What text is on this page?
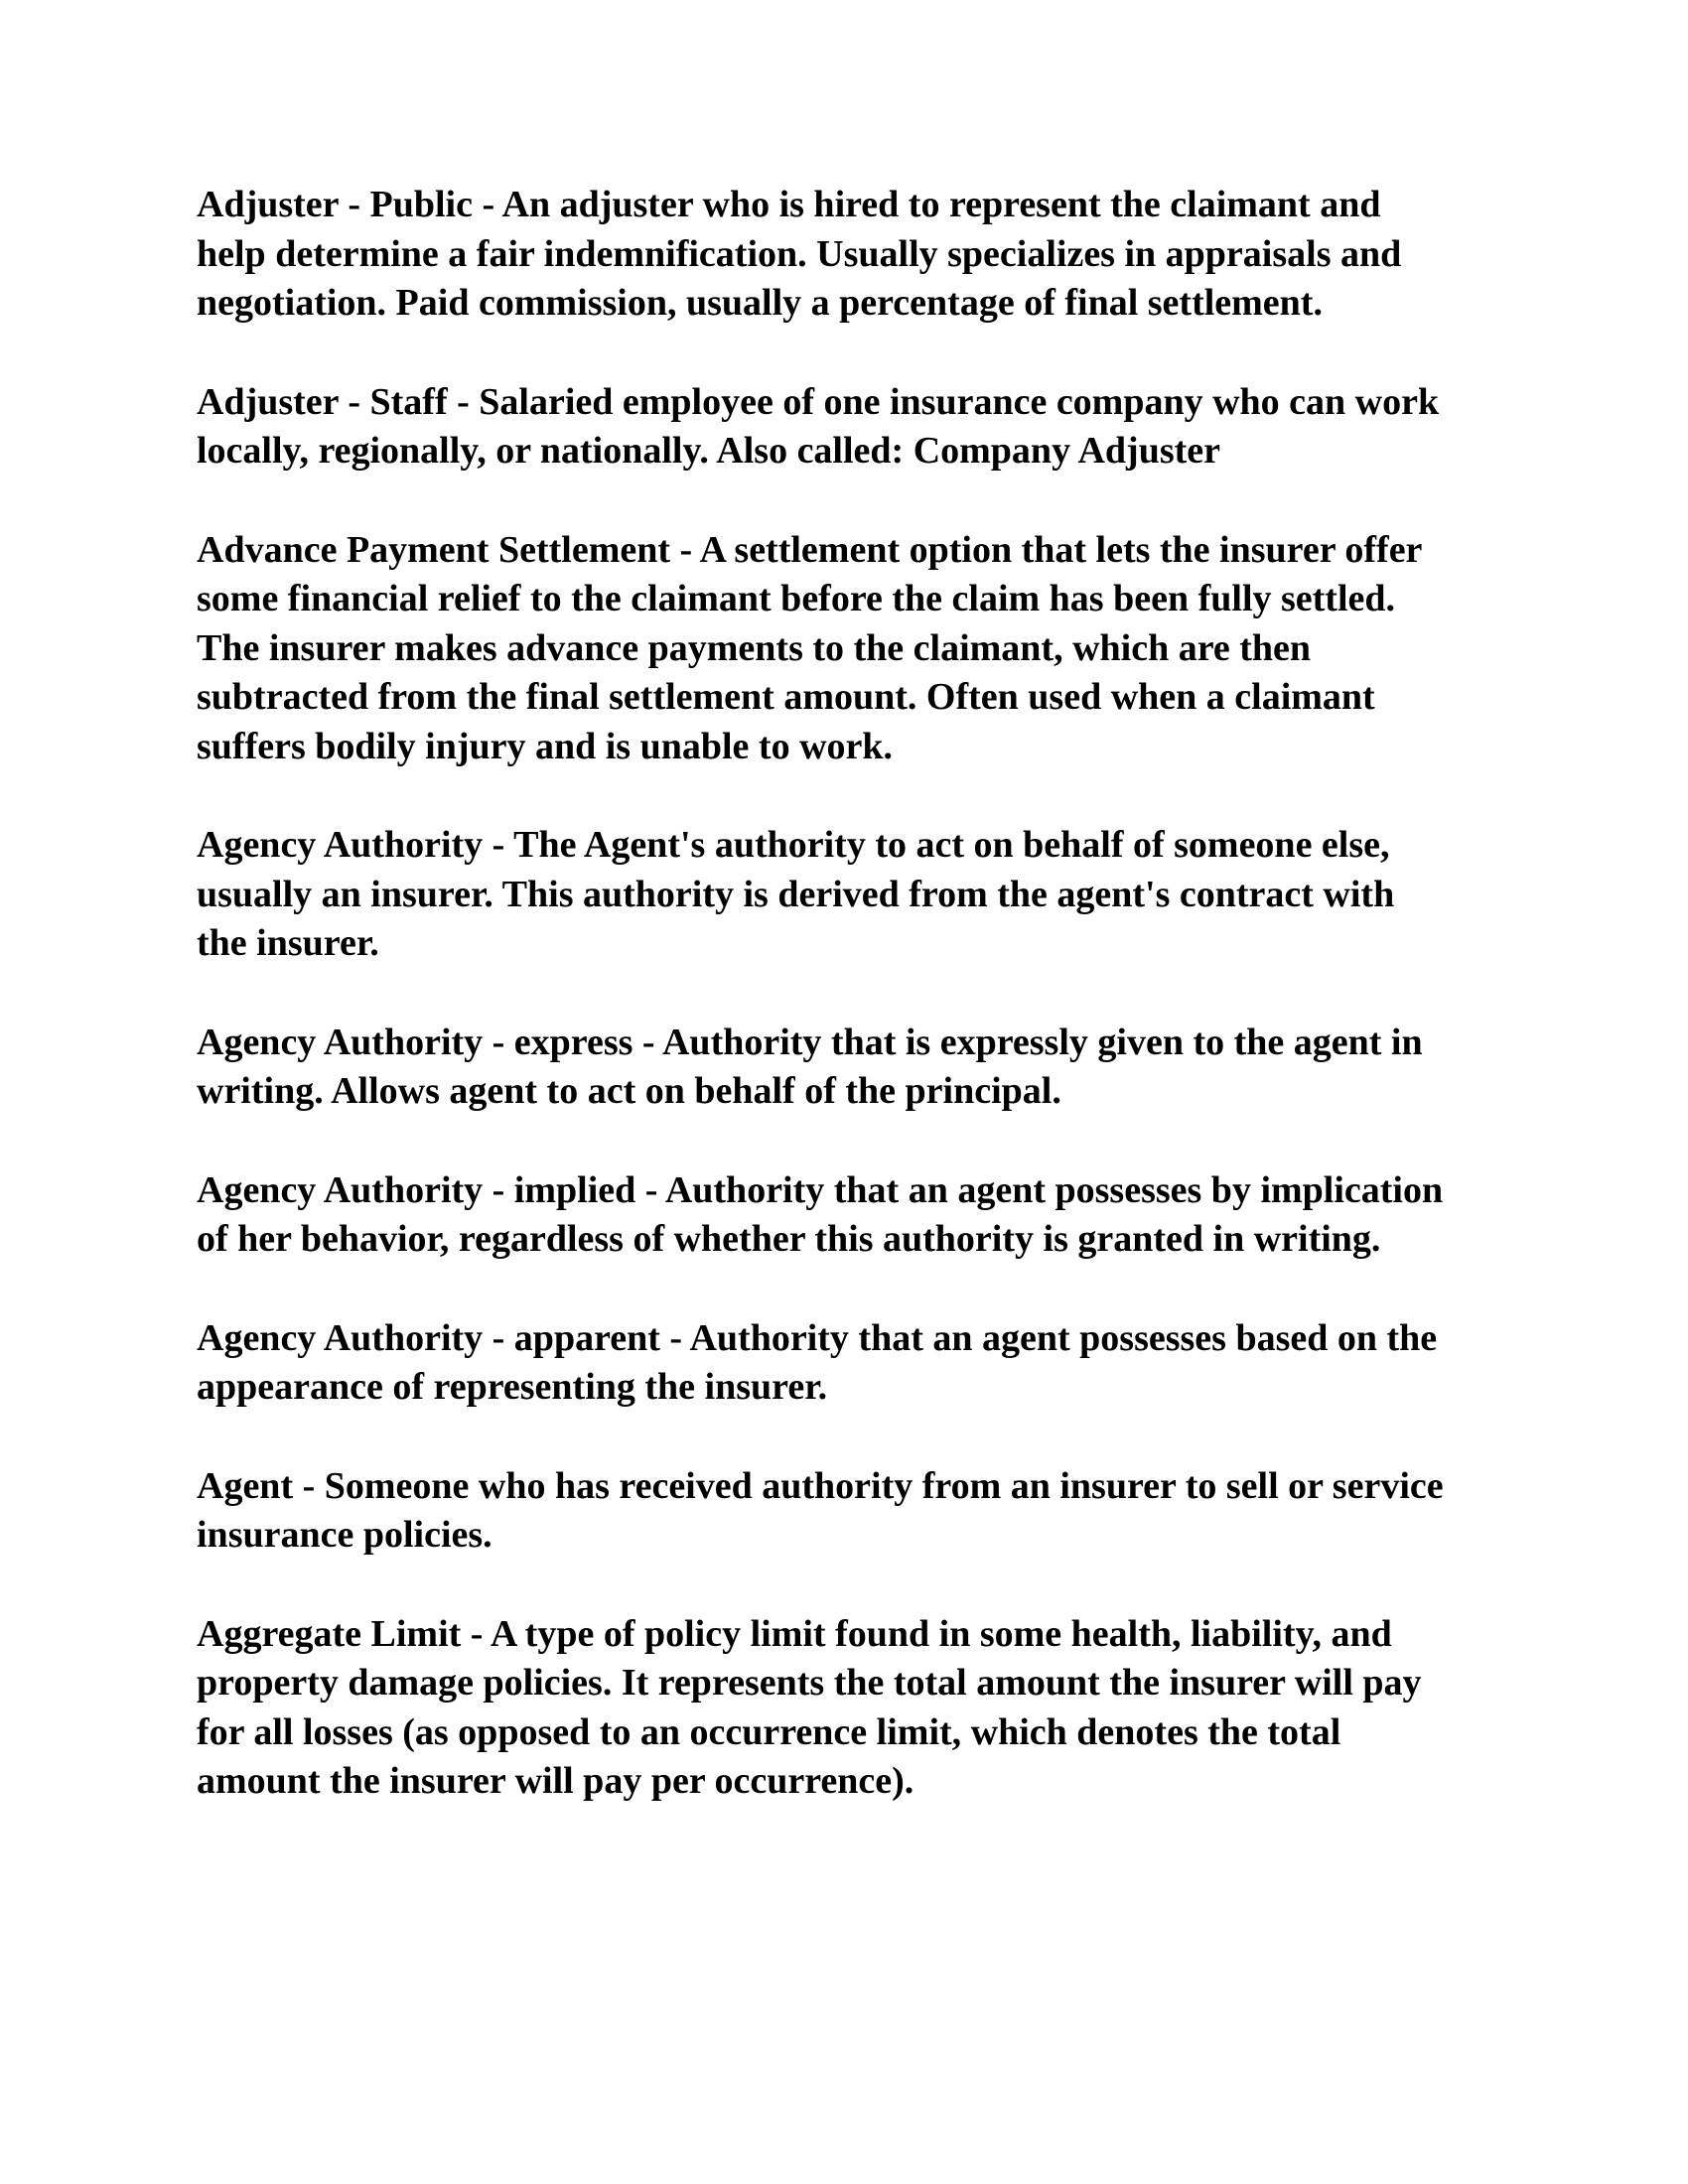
Adjuster - Public - An adjuster who is hired to represent the claimant and
help determine a fair indemnification. Usually specializes in appraisals and
negotiation. Paid commission, usually a percentage of final settlement.

Adjuster - Staff - Salaried employee of one insurance company who can work
locally, regionally, or nationally. Also called: Company Adjuster

Advance Payment Settlement - A settlement option that lets the insurer offer
some financial relief to the claimant before the claim has been fully settled.
The insurer makes advance payments to the claimant, which are then
subtracted from the final settlement amount. Often used when a claimant
suffers bodily injury and is unable to work.

Agency Authority - The Agent's authority to act on behalf of someone else,
usually an insurer. This authority is derived from the agent's contract with
the insurer.

Agency Authority - express - Authority that is expressly given to the agent in
writing. Allows agent to act on behalf of the principal.

Agency Authority - implied - Authority that an agent possesses by implication
of her behavior, regardless of whether this authority is granted in writing.

Agency Authority - apparent - Authority that an agent possesses based on the
appearance of representing the insurer.

Agent - Someone who has received authority from an insurer to sell or service
insurance policies.

Aggregate Limit - A type of policy limit found in some health, liability, and
property damage policies. It represents the total amount the insurer will pay
for all losses (as opposed to an occurrence limit, which denotes the total
amount the insurer will pay per occurrence).
